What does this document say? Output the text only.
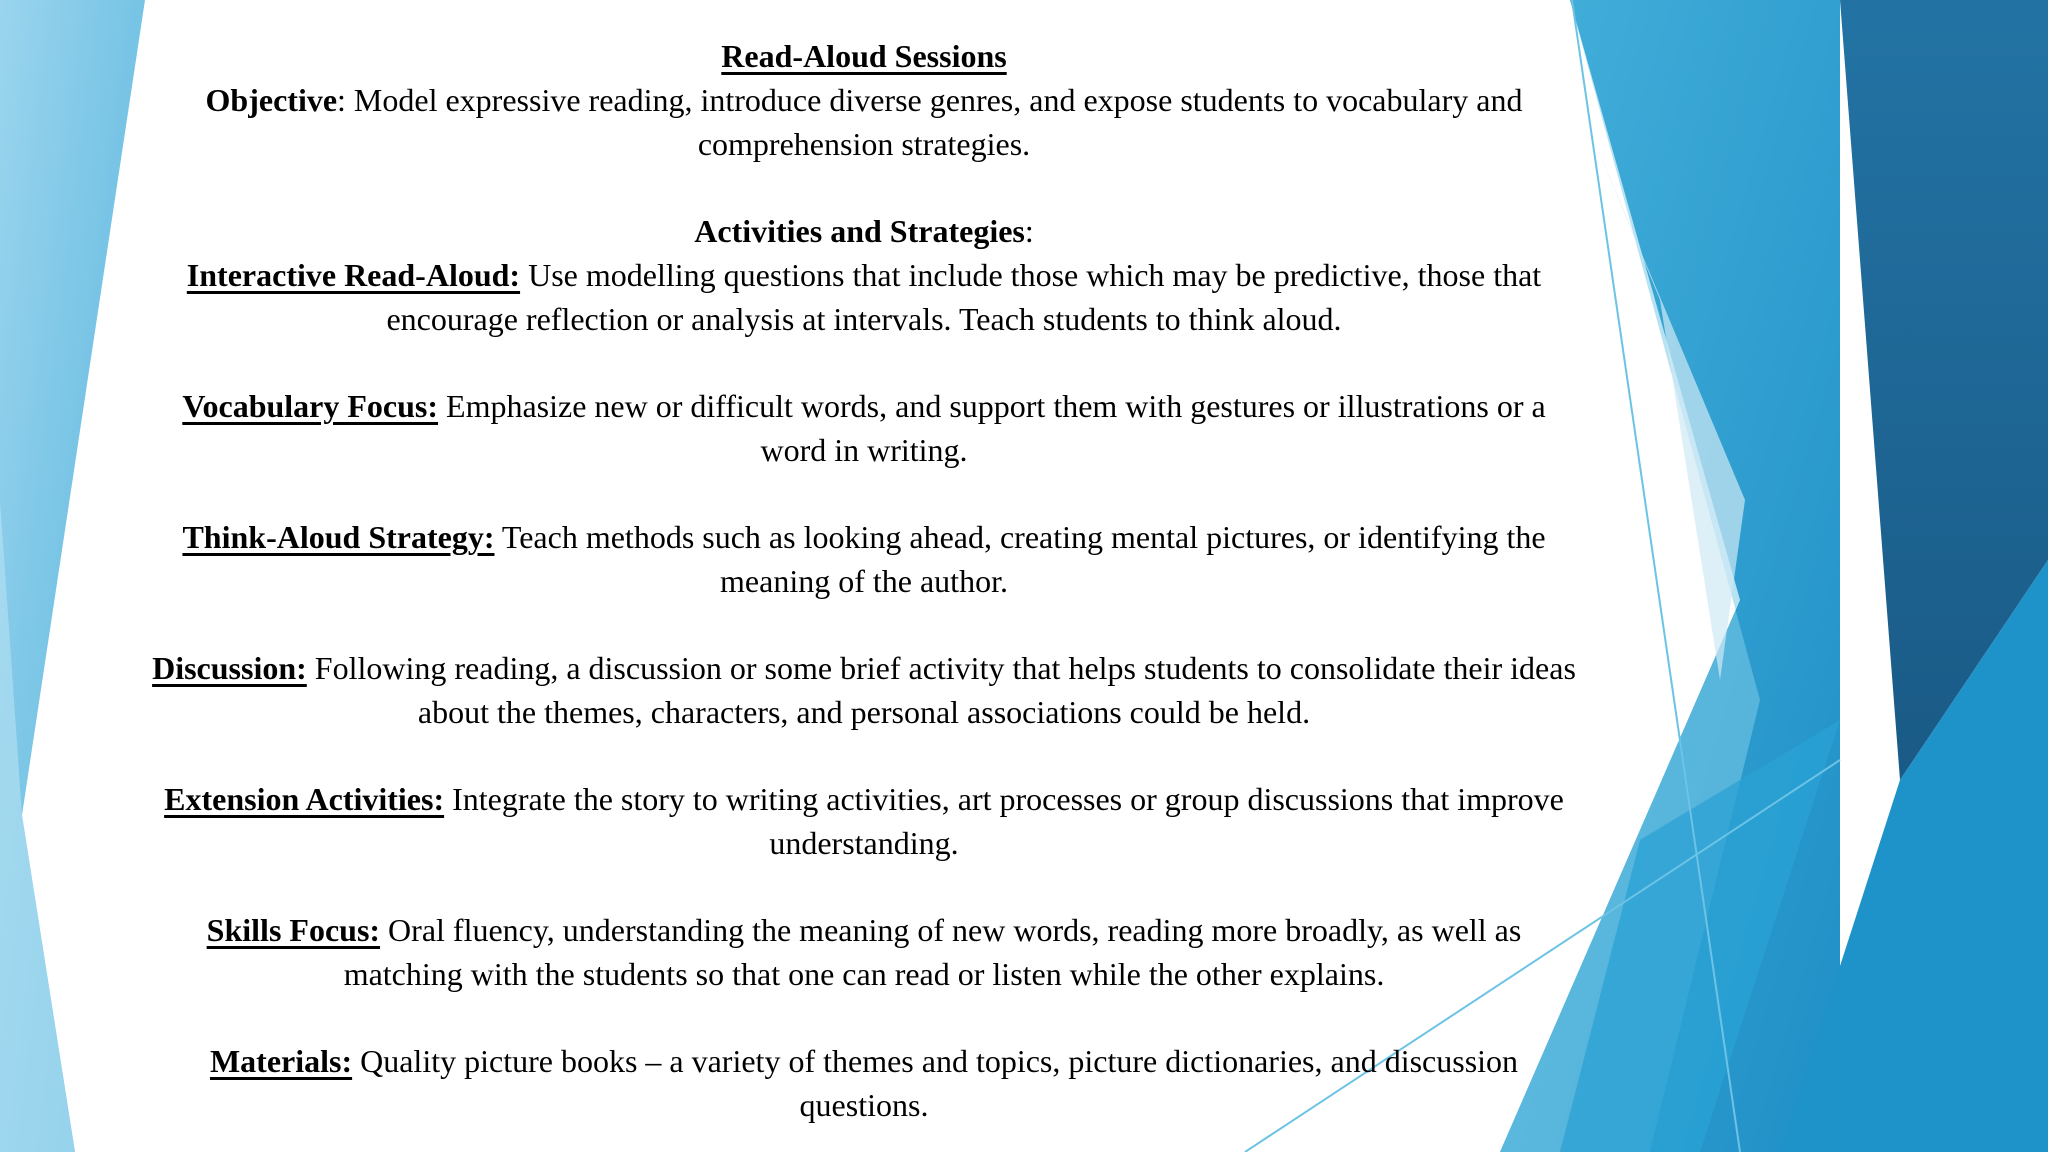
Read-Aloud Sessions

Objective: Model expressive reading, introduce diverse genres, and expose students to vocabulary and comprehension strategies.

Activities and Strategies:

Interactive Read-Aloud: Use modelling questions that include those which may be predictive, those that encourage reflection or analysis at intervals. Teach students to think aloud.

Vocabulary Focus: Emphasize new or difficult words, and support them with gestures or illustrations or a word in writing.

Think-Aloud Strategy: Teach methods such as looking ahead, creating mental pictures, or identifying the meaning of the author.

Discussion: Following reading, a discussion or some brief activity that helps students to consolidate their ideas about the themes, characters, and personal associations could be held.

Extension Activities: Integrate the story to writing activities, art processes or group discussions that improve understanding.

Skills Focus: Oral fluency, understanding the meaning of new words, reading more broadly, as well as matching with the students so that one can read or listen while the other explains.

Materials: Quality picture books – a variety of themes and topics, picture dictionaries, and discussion questions.
